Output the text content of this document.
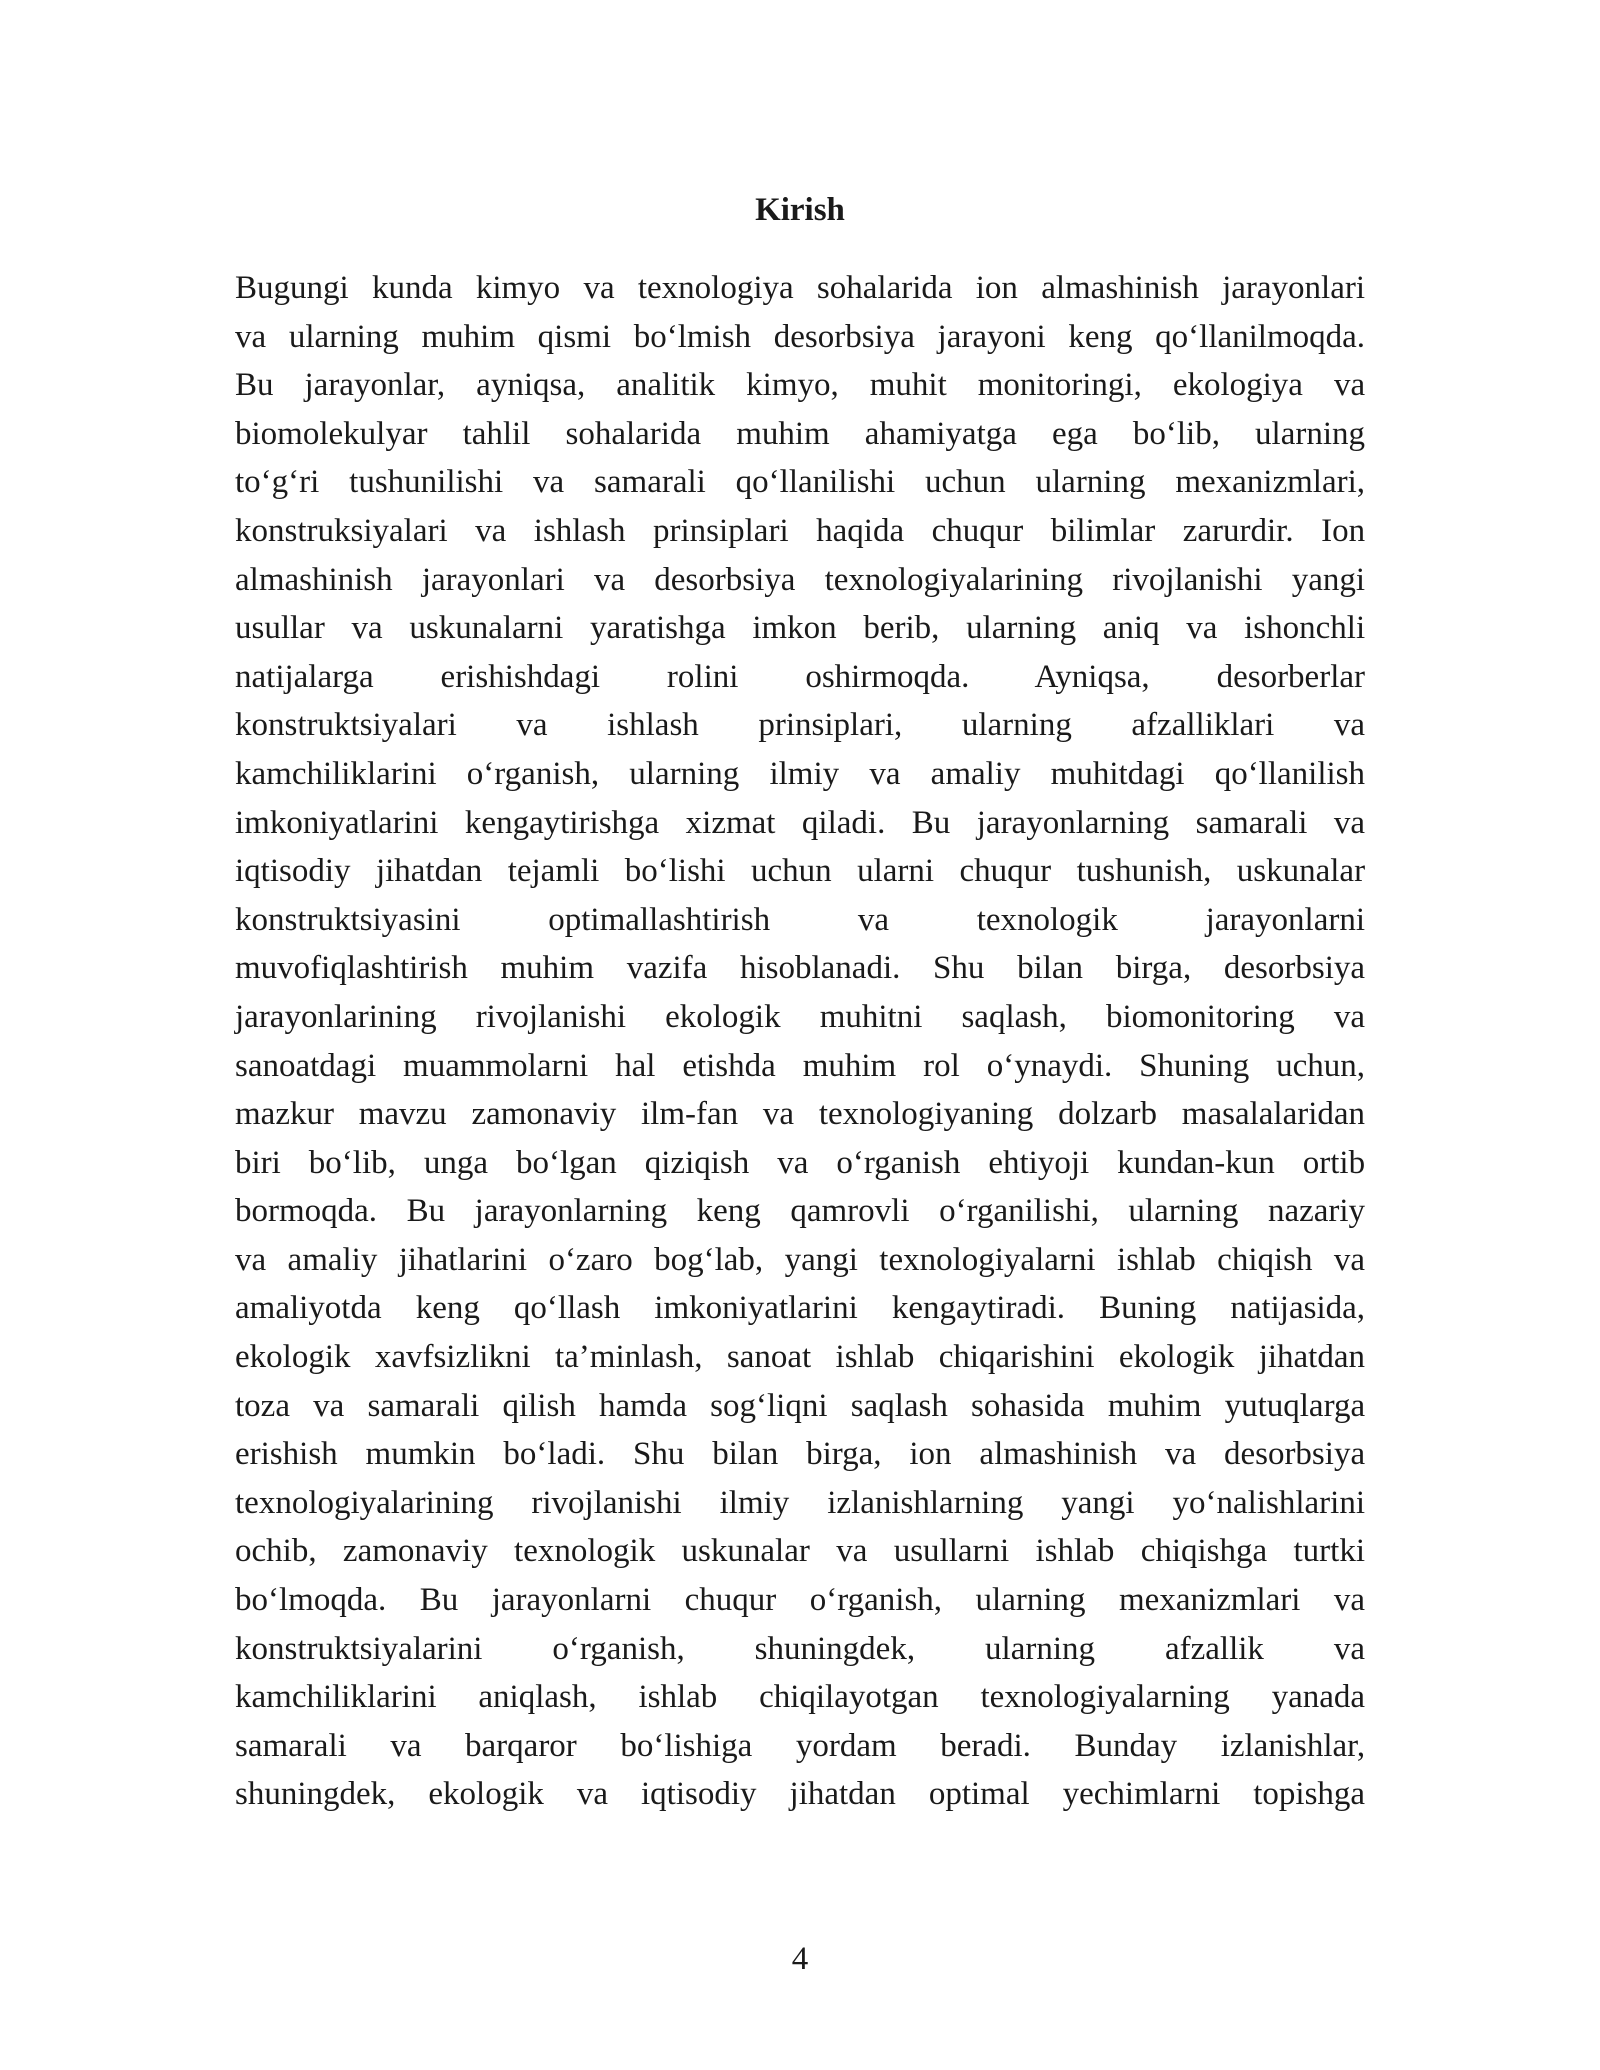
Kirish
Bugungi kunda kimyo va texnologiya sohalarida ion almashinish jarayonlari
va ularning muhim qismi bo‘lmish desorbsiya jarayoni keng qo‘llanilmoqda.
Bu jarayonlar, ayniqsa, analitik kimyo, muhit monitoringi, ekologiya va
biomolekulyar tahlil sohalarida muhim ahamiyatga ega bo‘lib, ularning
to‘g‘ri tushunilishi va samarali qo‘llanilishi uchun ularning mexanizmlari,
konstruksiyalari va ishlash prinsiplari haqida chuqur bilimlar zarurdir. Ion
almashinish jarayonlari va desorbsiya texnologiyalarining rivojlanishi yangi
usullar va uskunalarni yaratishga imkon berib, ularning aniq va ishonchli
natijalarga erishishdagi rolini oshirmoqda. Ayniqsa, desorberlar
konstruktsiyalari va ishlash prinsiplari, ularning afzalliklari va
kamchiliklarini o‘rganish, ularning ilmiy va amaliy muhitdagi qo‘llanilish
imkoniyatlarini kengaytirishga xizmat qiladi. Bu jarayonlarning samarali va
iqtisodiy jihatdan tejamli bo‘lishi uchun ularni chuqur tushunish, uskunalar
konstruktsiyasini	optimallashtirish	va	texnologik	jarayonlarni
muvofiqlashtirish muhim vazifa hisoblanadi. Shu bilan birga, desorbsiya
jarayonlarining rivojlanishi ekologik muhitni saqlash, biomonitoring va
sanoatdagi muammolarni hal etishda muhim rol o‘ynaydi. Shuning uchun,
mazkur mavzu zamonaviy ilm-fan va texnologiyaning dolzarb masalalaridan
biri bo‘lib, unga bo‘lgan qiziqish va o‘rganish ehtiyoji kundan-kun ortib
bormoqda. Bu jarayonlarning keng qamrovli o‘rganilishi, ularning nazariy
va amaliy jihatlarini o‘zaro bog‘lab, yangi texnologiyalarni ishlab chiqish va
amaliyotda keng qo‘llash imkoniyatlarini kengaytiradi. Buning natijasida,
ekologik xavfsizlikni ta’minlash, sanoat ishlab chiqarishini ekologik jihatdan
toza va samarali qilish hamda sog‘liqni saqlash sohasida muhim yutuqlarga
erishish mumkin bo‘ladi. Shu bilan birga, ion almashinish va desorbsiya
texnologiyalarining rivojlanishi ilmiy izlanishlarning yangi yo‘nalishlarini
ochib, zamonaviy texnologik uskunalar va usullarni ishlab chiqishga turtki
bo‘lmoqda. Bu jarayonlarni chuqur o‘rganish, ularning mexanizmlari va
konstruktsiyalarini o‘rganish, shuningdek, ularning afzallik va
kamchiliklarini aniqlash, ishlab chiqilayotgan texnologiyalarning yanada
samarali va barqaror bo‘lishiga yordam beradi. Bunday izlanishlar,
shuningdek, ekologik va iqtisodiy jihatdan optimal yechimlarni topishga
4
